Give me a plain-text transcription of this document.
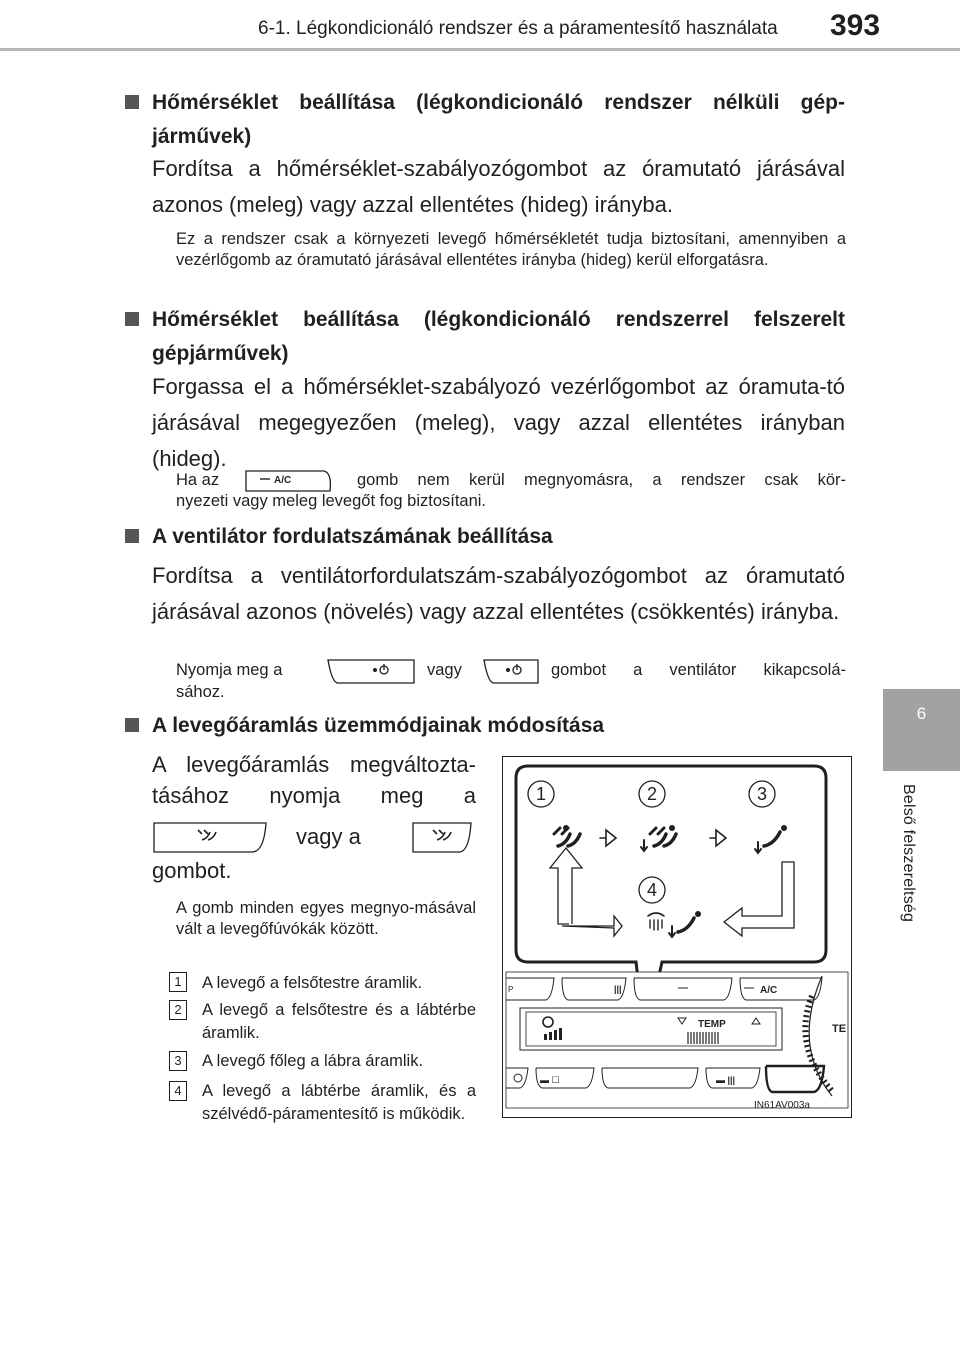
6-1. Légkondicionáló rendszer és a páramentesítő használata 393
6
Belső felszereltség
Hőmérséklet beállítása (légkondicionáló rendszer nélküli gép-
járművek)
Fordítsa a hőmérséklet-szabályozógombot az óramutató járásával
azonos (meleg) vagy azzal ellentétes (hideg) irányba.
Ez a rendszer csak a környezeti levegő hőmérsékletét tudja biztosítani, amennyiben a vezérlőgomb az óramutató járásával ellentétes irányba (hideg) kerül elforgatásra.
Hőmérséklet beállítása (légkondicionáló rendszerrel felszerelt
gépjárművek)
Forgassa el a hőmérséklet-szabályozó vezérlőgombot az óramuta-tó járásával megegyezően (meleg), vagy azzal ellentétes irányban (hideg).
Ha az	A/C	gomb nem kerül megnyomásra, a rendszer csak kör-
nyezeti vagy meleg levegőt fog biztosítani.
A ventilátor fordulatszámának beállítása
Fordítsa a ventilátorfordulatszám-szabályozógombot az óramutató járásával azonos (növelés) vagy azzal ellentétes (csökkentés) irányba.
Nyomja meg a	vagy	gombot a ventilátor kikapcsolá-
sához.
A levegőáramlás üzemmódjainak módosítása
A levegőáramlás megváltozta-
tásához nyomja meg a
vagy a
gombot.
A gomb minden egyes megnyo-másával vált a levegőfúvókák között.
1	A levegő a felsőtestre áramlik.
2	A levegő a felsőtestre és a lábtérbe áramlik.
3	A levegő főleg a lábra áramlik.
4	A levegő a lábtérbe áramlik, és a szélvédő-páramentesítő is működik.
1	2	3
4
P	|||	A/C
TEMP	TE
▬ |||
▬ ☐
IN61AV003a
